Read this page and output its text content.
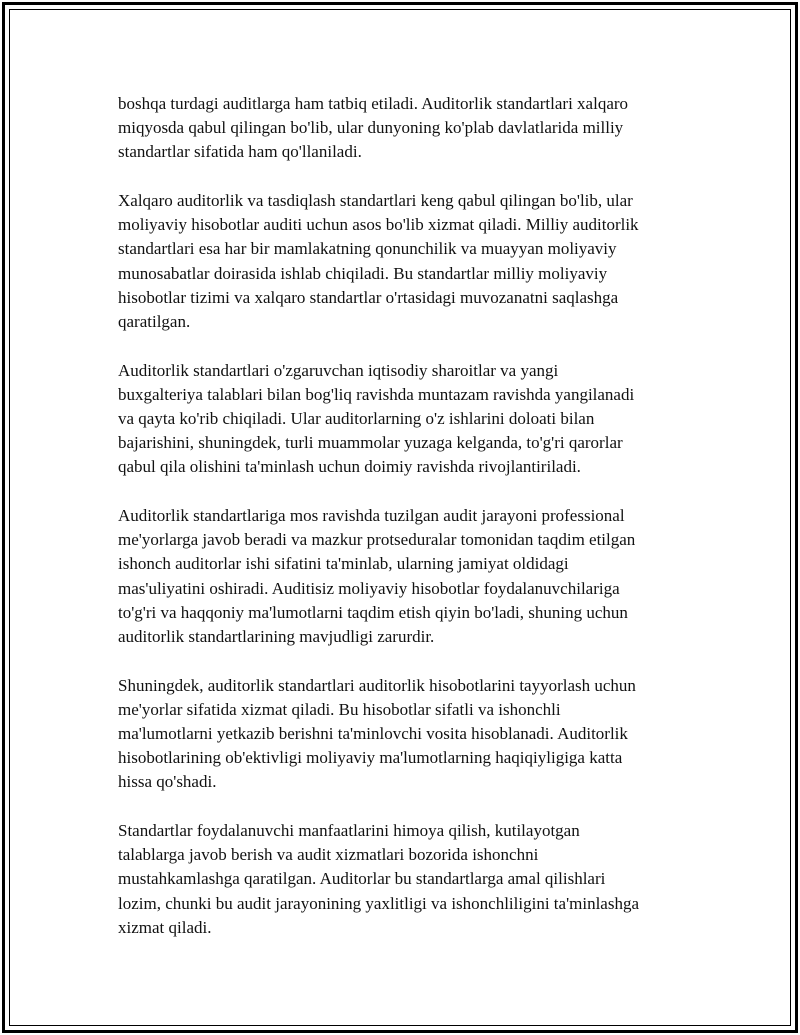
boshqa turdagi auditlarga ham tatbiq etiladi. Auditorlik standartlari xalqaro
miqyosda qabul qilingan bo'lib, ular dunyoning ko'plab davlatlarida milliy
standartlar sifatida ham qo'llaniladi.
Xalqaro auditorlik va tasdiqlash standartlari keng qabul qilingan bo'lib, ular
moliyaviy hisobotlar auditi uchun asos bo'lib xizmat qiladi. Milliy auditorlik
standartlari esa har bir mamlakatning qonunchilik va muayyan moliyaviy
munosabatlar doirasida ishlab chiqiladi. Bu standartlar milliy moliyaviy
hisobotlar tizimi va xalqaro standartlar o'rtasidagi muvozanatni saqlashga
qaratilgan.
Auditorlik standartlari o'zgaruvchan iqtisodiy sharoitlar va yangi
buxgalteriya talablari bilan bog'liq ravishda muntazam ravishda yangilanadi
va qayta ko'rib chiqiladi. Ular auditorlarning o'z ishlarini doloati bilan
bajarishini, shuningdek, turli muammolar yuzaga kelganda, to'g'ri qarorlar
qabul qila olishini ta'minlash uchun doimiy ravishda rivojlantiriladi.
Auditorlik standartlariga mos ravishda tuzilgan audit jarayoni professional
me'yorlarga javob beradi va mazkur protseduralar tomonidan taqdim etilgan
ishonch auditorlar ishi sifatini ta'minlab, ularning jamiyat oldidagi
mas'uliyatini oshiradi. Auditisiz moliyaviy hisobotlar foydalanuvchilariga
to'g'ri va haqqoniy ma'lumotlarni taqdim etish qiyin bo'ladi, shuning uchun
auditorlik standartlarining mavjudligi zarurdir.
Shuningdek, auditorlik standartlari auditorlik hisobotlarini tayyorlash uchun
me'yorlar sifatida xizmat qiladi. Bu hisobotlar sifatli va ishonchli
ma'lumotlarni yetkazib berishni ta'minlovchi vosita hisoblanadi. Auditorlik
hisobotlarining ob'ektivligi moliyaviy ma'lumotlarning haqiqiyligiga katta
hissa qo'shadi.
Standartlar foydalanuvchi manfaatlarini himoya qilish, kutilayotgan
talablarga javob berish va audit xizmatlari bozorida ishonchni
mustahkamlashga qaratilgan. Auditorlar bu standartlarga amal qilishlari
lozim, chunki bu audit jarayonining yaxlitligi va ishonchliligini ta'minlashga
xizmat qiladi.
